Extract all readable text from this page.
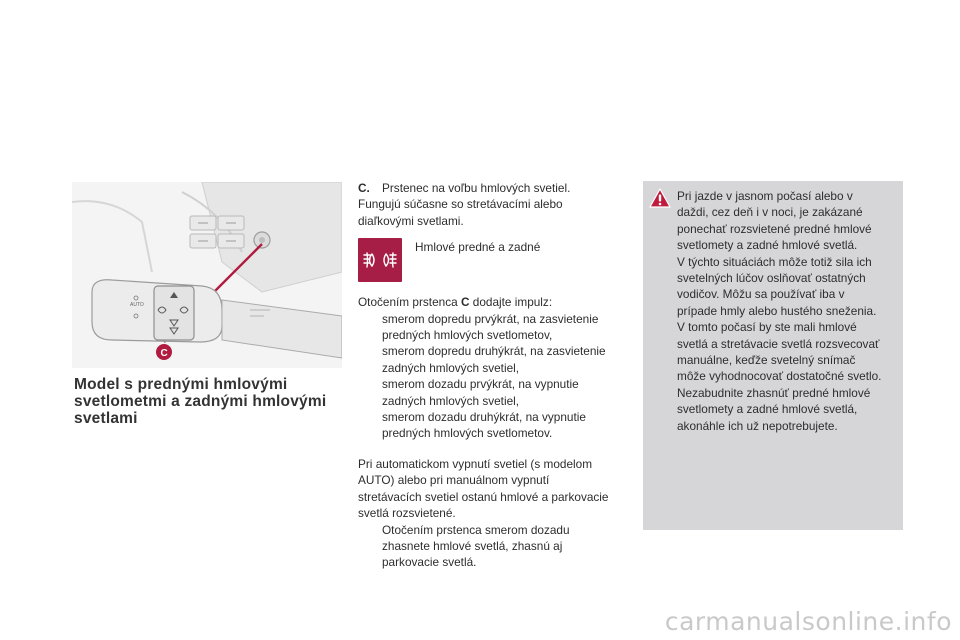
AUTO
C
Model s prednými hmlovými
svetlometmi a zadnými hmlovými
svetlami

C. Prstenec na voľbu hmlových svetiel.
Fungujú súčasne so stretávacími alebo
diaľkovými svetlami.

Hmlové predné a zadné

Otočením prstenca C dodajte impulz:

smerom dopredu prvýkrát, na zasvietenie
predných hmlových svetlometov,
smerom dopredu druhýkrát, na zasvietenie
zadných hmlových svetiel,
smerom dozadu prvýkrát, na vypnutie
zadných hmlových svetiel,
smerom dozadu druhýkrát, na vypnutie
predných hmlových svetlometov.

Pri automatickom vypnutí svetiel (s modelom
AUTO) alebo pri manuálnom vypnutí
stretávacích svetiel ostanú hmlové a parkovacie
svetlá rozsvietené.

Otočením prstenca smerom dozadu
zhasnete hmlové svetlá, zhasnú aj
parkovacie svetlá.
Pri jazde v jasnom počasí alebo v
daždi, cez deň i v noci, je zakázané
ponechať rozsvietené predné hmlové
svetlomety a zadné hmlové svetlá.
V týchto situáciách môže totiž sila ich
svetelných lúčov oslňovať ostatných
vodičov. Môžu sa používať iba v
prípade hmly alebo hustého sneženia.
V tomto počasí by ste mali hmlové
svetlá a stretávacie svetlá rozsvecovať
manuálne, keďže svetelný snímač
môže vyhodnocovať dostatočné svetlo.
Nezabudnite zhasnúť predné hmlové
svetlomety a zadné hmlové svetlá,
akonáhle ich už nepotrebujete.
carmanualsonline.info
